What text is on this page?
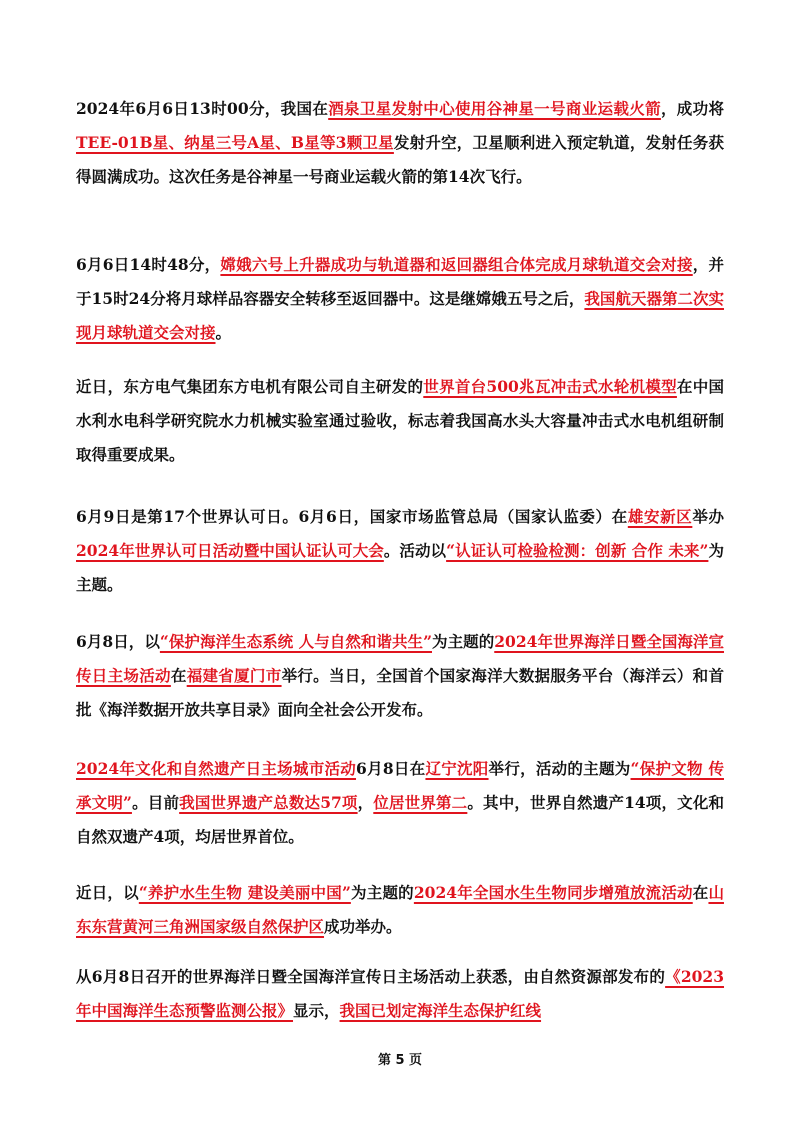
2024年6月6日13时00分，我国在酒泉卫星发射中心使用谷神星一号商业运载火箭，成功将TEE-01B星、纳星三号A星、B星等3颗卫星发射升空，卫星顺利进入预定轨道，发射任务获得圆满成功。这次任务是谷神星一号商业运载火箭的第14次飞行。

6月6日14时48分，嫦娥六号上升器成功与轨道器和返回器组合体完成月球轨道交会对接，并于15时24分将月球样品容器安全转移至返回器中。这是继嫦娥五号之后，我国航天器第二次实现月球轨道交会对接。

近日，东方电气集团东方电机有限公司自主研发的世界首台500兆瓦冲击式水轮机模型在中国水利水电科学研究院水力机械实验室通过验收，标志着我国高水头大容量冲击式水电机组研制取得重要成果。

6月9日是第17个世界认可日。6月6日，国家市场监管总局（国家认监委）在雄安新区举办2024年世界认可日活动暨中国认证认可大会。活动以“认证认可检验检测：创新 合作 未来”为主题。

6月8日，以“保护海洋生态系统 人与自然和谐共生”为主题的2024年世界海洋日暨全国海洋宣传日主场活动在福建省厦门市举行。当日，全国首个国家海洋大数据服务平台（海洋云）和首批《海洋数据开放共享目录》面向全社会公开发布。

2024年文化和自然遗产日主场城市活动6月8日在辽宁沈阳举行，活动的主题为“保护文物 传承文明”。目前我国世界遗产总数达57项，位居世界第二。其中，世界自然遗产14项，文化和自然双遗产4项，均居世界首位。

近日，以“养护水生生物 建设美丽中国”为主题的2024年全国水生生物同步增殖放流活动在山东东营黄河三角洲国家级自然保护区成功举办。

从6月8日召开的世界海洋日暨全国海洋宣传日主场活动上获悉，由自然资源部发布的《2023年中国海洋生态预警监测公报》显示，我国已划定海洋生态保护红线

第 5 页
